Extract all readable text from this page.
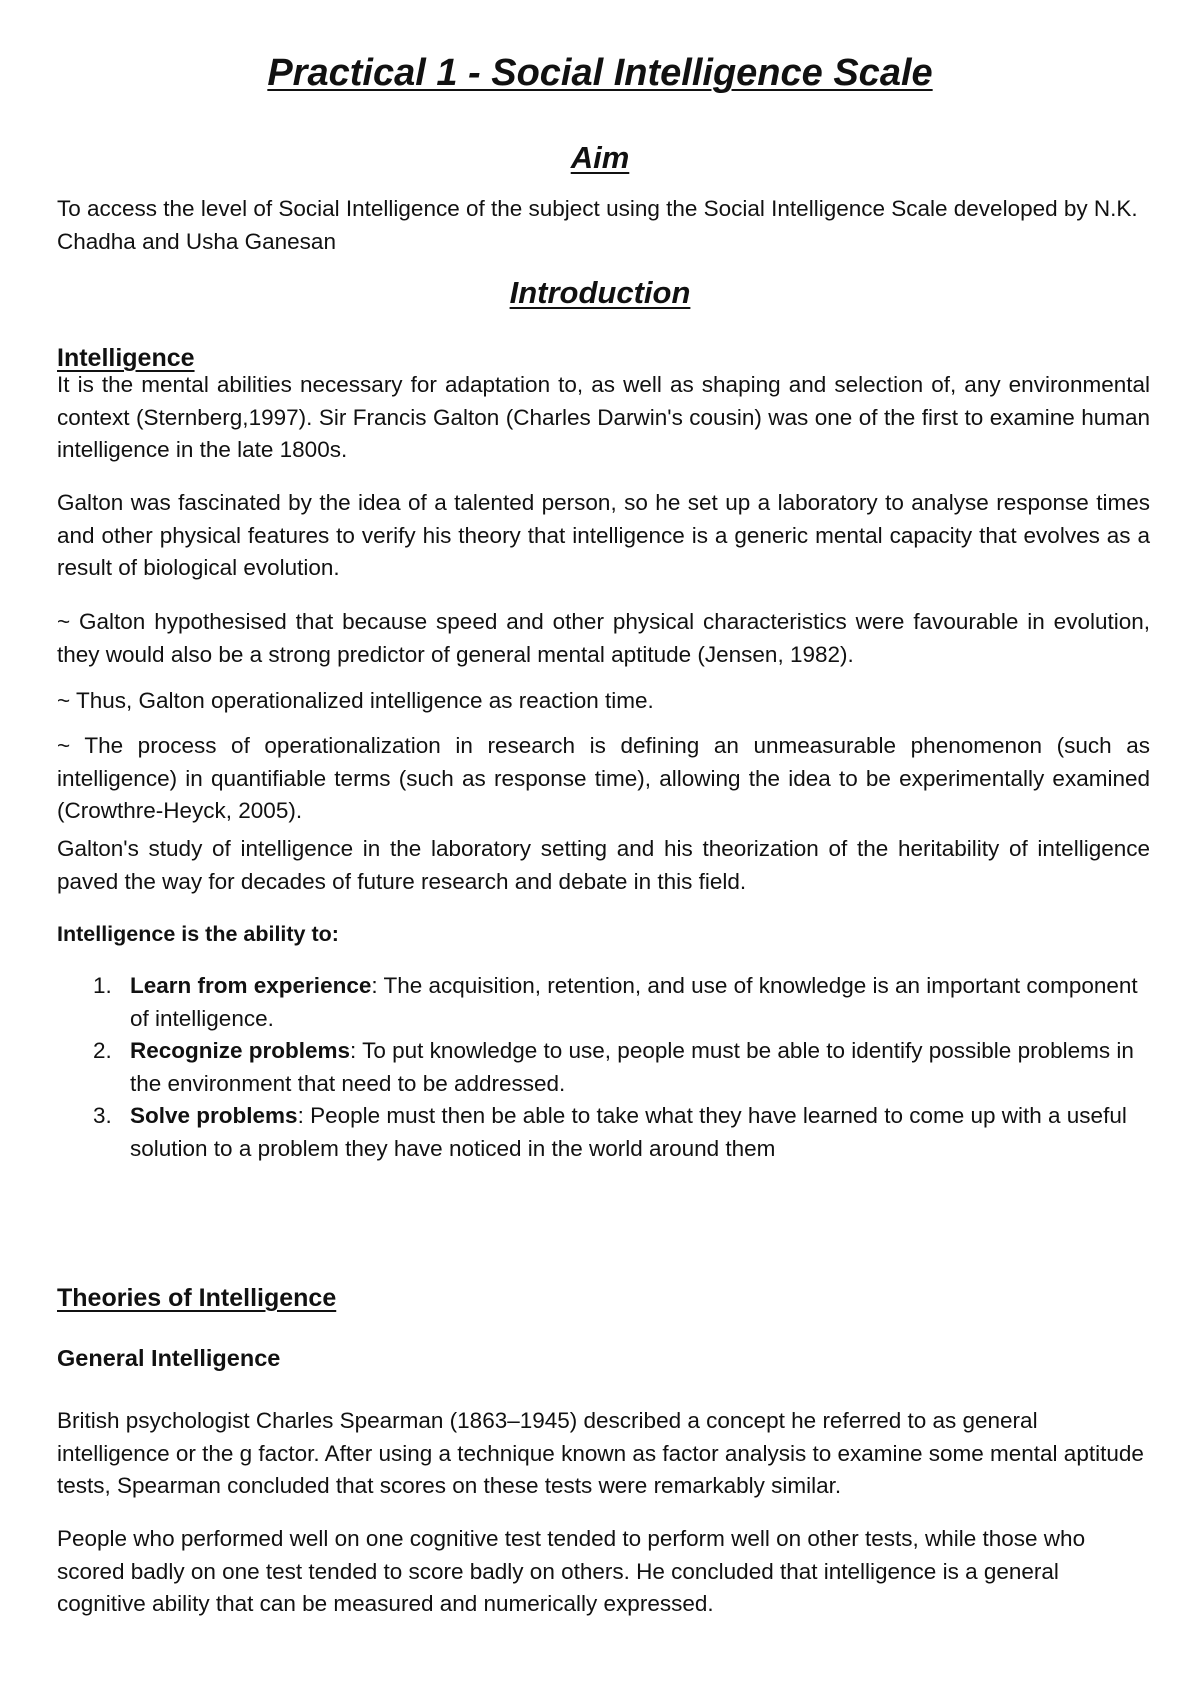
Practical 1 - Social Intelligence Scale
Aim

To access the level of Social Intelligence of the subject using the Social Intelligence Scale developed by N.K. Chadha and Usha Ganesan

Introduction
Intelligence

It is the mental abilities necessary for adaptation to, as well as shaping and selection of, any environmental context (Sternberg,1997). Sir Francis Galton (Charles Darwin's cousin) was one of the first to examine human intelligence in the late 1800s.

Galton was fascinated by the idea of a talented person, so he set up a laboratory to analyse response times and other physical features to verify his theory that intelligence is a generic mental capacity that evolves as a result of biological evolution.

~ Galton hypothesised that because speed and other physical characteristics were favourable in evolution, they would also be a strong predictor of general mental aptitude (Jensen, 1982).

~ Thus, Galton operationalized intelligence as reaction time.

~ The process of operationalization in research is defining an unmeasurable phenomenon (such as intelligence) in quantifiable terms (such as response time), allowing the idea to be experimentally examined (Crowthre-Heyck, 2005).

Galton's study of intelligence in the laboratory setting and his theorization of the heritability of intelligence paved the way for decades of future research and debate in this field.

Intelligence is the ability to:

1. Learn from experience: The acquisition, retention, and use of knowledge is an important component of intelligence.
2. Recognize problems: To put knowledge to use, people must be able to identify possible problems in the environment that need to be addressed.
3. Solve problems: People must then be able to take what they have learned to come up with a useful solution to a problem they have noticed in the world around them
Theories of Intelligence
General Intelligence

British psychologist Charles Spearman (1863–1945) described a concept he referred to as general intelligence or the g factor. After using a technique known as factor analysis to examine some mental aptitude tests, Spearman concluded that scores on these tests were remarkably similar.

People who performed well on one cognitive test tended to perform well on other tests, while those who scored badly on one test tended to score badly on others. He concluded that intelligence is a general cognitive ability that can be measured and numerically expressed.
